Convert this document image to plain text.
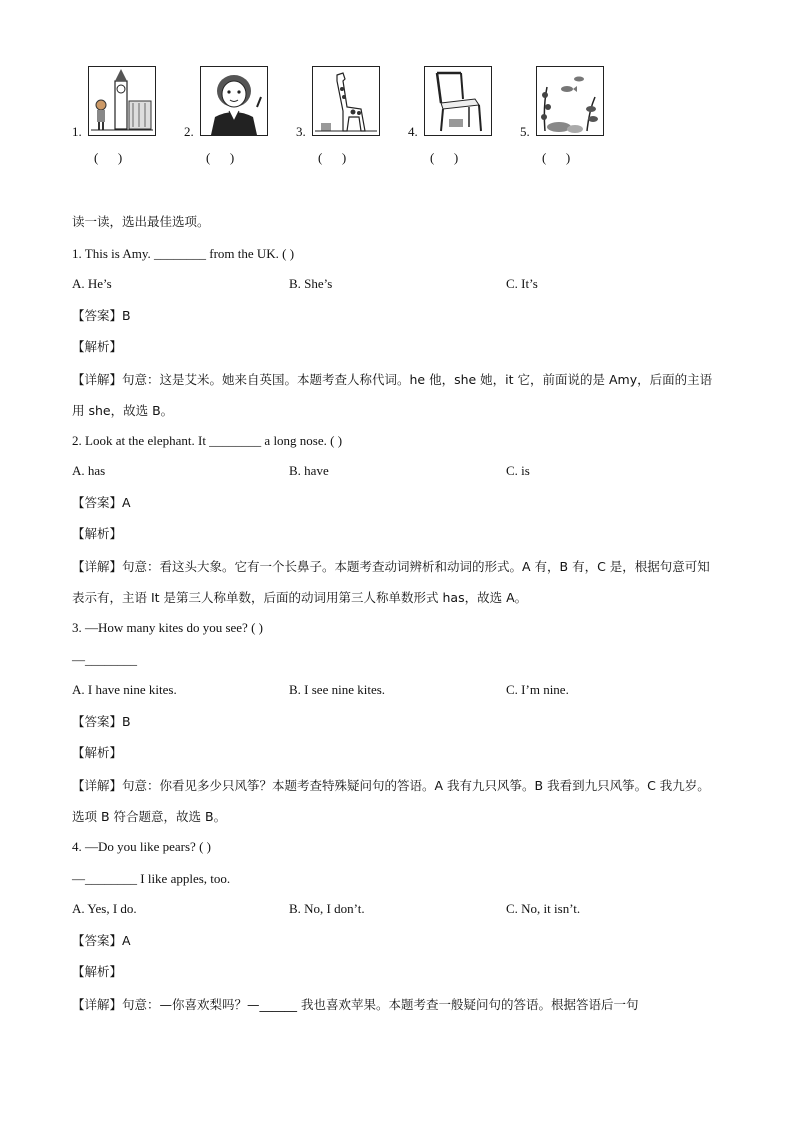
1.
(      )
2.
(      )
3.
(      )
4.
(      )
5.
(      )
读一读，选出最佳选项。
1. This is Amy. ________ from the UK. ( )
A. He’s	B. She’s	C. It’s
【答案】B
【解析】
【详解】句意：这是艾米。她来自英国。本题考查人称代词。he 他，she 她，it 它，前面说的是 Amy，后面的主语用 she，故选 B。
2. Look at the elephant. It ________ a long nose. ( )
A. has	B. have	C. is
【答案】A
【解析】
【详解】句意：看这头大象。它有一个长鼻子。本题考查动词辨析和动词的形式。A 有，B 有，C 是，根据句意可知表示有，主语 It 是第三人称单数，后面的动词用第三人称单数形式 has，故选 A。
3. —How many kites do you see? ( )
—________
A. I have nine kites.	B. I see nine kites.	C. I’m nine.
【答案】B
【解析】
【详解】句意：你看见多少只风筝？本题考查特殊疑问句的答语。A 我有九只风筝。B 我看到九只风筝。C 我九岁。选项 B 符合题意，故选 B。
4. —Do you like pears? ( )
—________ I like apples, too.
A. Yes, I do.	B. No, I don’t.	C. No, it isn’t.
【答案】A
【解析】
【详解】句意：—你喜欢梨吗？—______ 我也喜欢苹果。本题考查一般疑问句的答语。根据答语后一句
